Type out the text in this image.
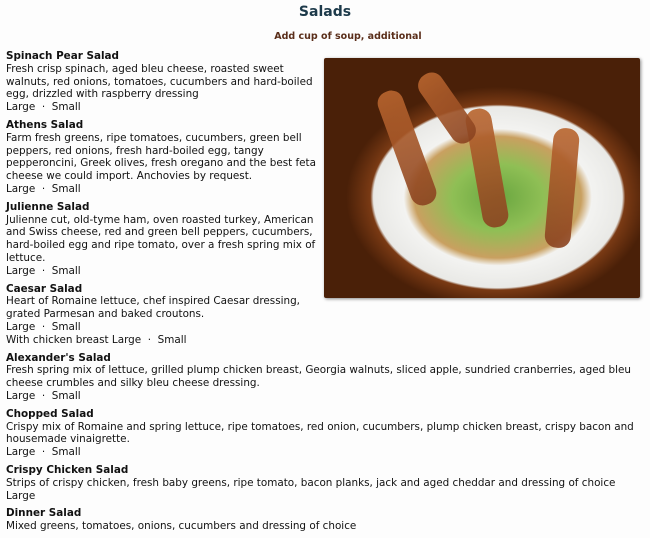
Salads
Add cup of soup, additional
Spinach Pear Salad
Fresh crisp spinach, aged bleu cheese, roasted sweet walnuts, red onions, tomatoes, cucumbers and hard-boiled egg, drizzled with raspberry dressing
Large  ·  Small
Athens Salad
Farm fresh greens, ripe tomatoes, cucumbers, green bell peppers, red onions, fresh hard-boiled egg, tangy pepperoncini, Greek olives, fresh oregano and the best feta cheese we could import. Anchovies by request.
Large  ·  Small
Julienne Salad
Julienne cut, old-tyme ham, oven roasted turkey, American and Swiss cheese, red and green bell peppers, cucumbers, hard-boiled egg and ripe tomato, over a fresh spring mix of lettuce.
Large  ·  Small
Caesar Salad
Heart of Romaine lettuce, chef inspired Caesar dressing, grated Parmesan and baked croutons.
Large  ·  Small
With chicken breast Large  ·  Small
Alexander's Salad
Fresh spring mix of lettuce, grilled plump chicken breast, Georgia walnuts, sliced apple, sundried cranberries, aged bleu cheese crumbles and silky bleu cheese dressing.
Large  ·  Small
Chopped Salad
Crispy mix of Romaine and spring lettuce, ripe tomatoes, red onion, cucumbers, plump chicken breast, crispy bacon and housemade vinaigrette.
Large  ·  Small
Crispy Chicken Salad
Strips of crispy chicken, fresh baby greens, ripe tomato, bacon planks, jack and aged cheddar and dressing of choice Large
Dinner Salad
Mixed greens, tomatoes, onions, cucumbers and dressing of choice
